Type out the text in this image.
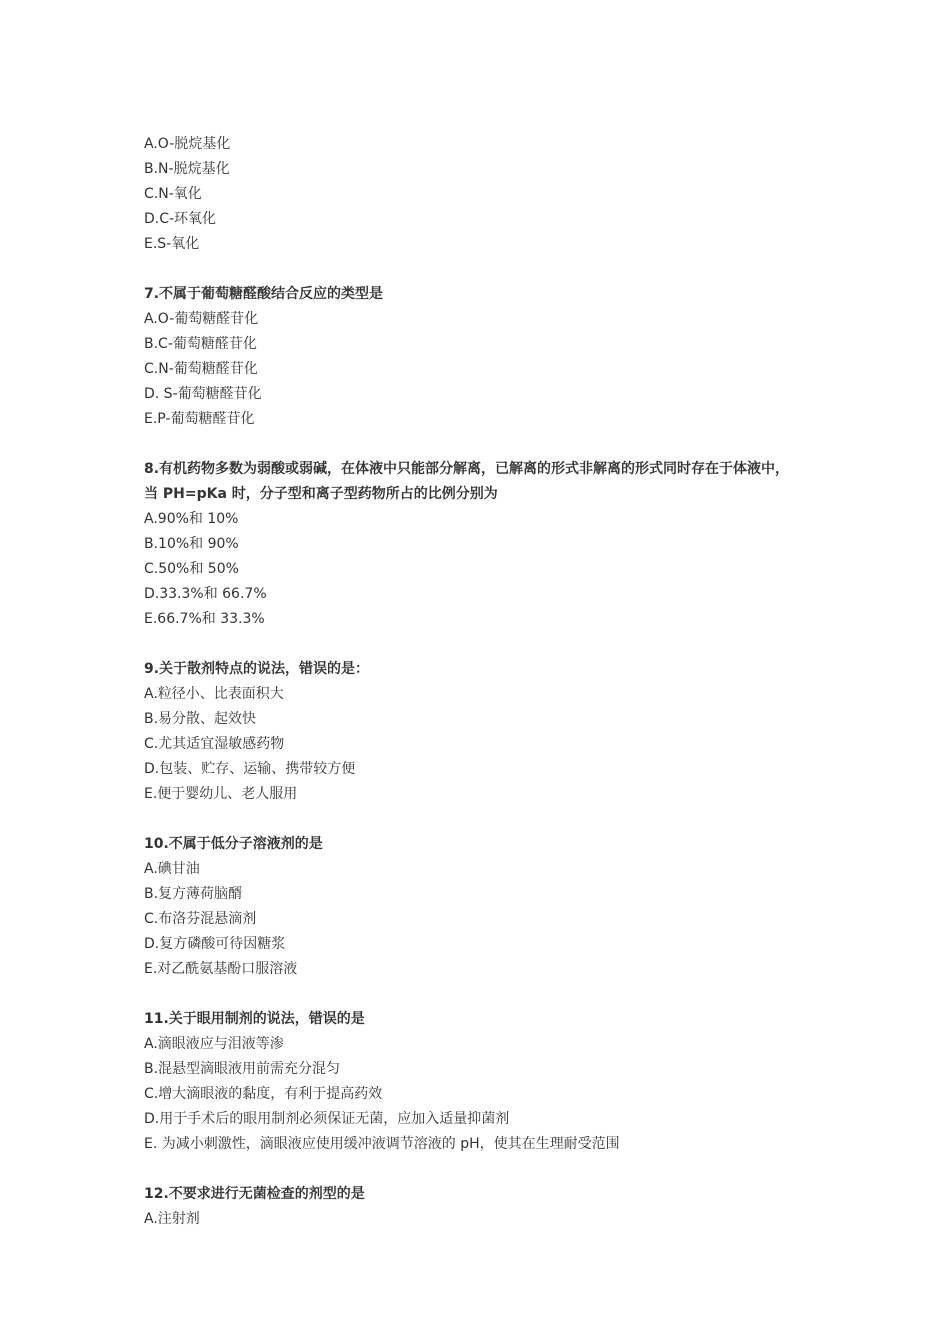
A.O-脱烷基化
B.N-脱烷基化
C.N-氧化
D.C-环氧化
E.S-氧化
7.不属于葡萄糖醛酸结合反应的类型是
A.O-葡萄糖醛苷化
B.C-葡萄糖醛苷化
C.N-葡萄糖醛苷化
D. S-葡萄糖醛苷化
E.P-葡萄糖醛苷化
8.有机药物多数为弱酸或弱碱，在体液中只能部分解离，已解离的形式非解离的形式同时存在于体液中，
当 PH=pKa 时，分子型和离子型药物所占的比例分别为
A.90%和 10%
B.10%和 90%
C.50%和 50%
D.33.3%和 66.7%
E.66.7%和 33.3%
9.关于散剂特点的说法，错误的是：
A.粒径小、比表面积大
B.易分散、起效快
C.尤其适宜湿敏感药物
D.包装、贮存、运输、携带较方便
E.便于婴幼儿、老人服用
10.不属于低分子溶液剂的是
A.碘甘油
B.复方薄荷脑醑
C.布洛芬混悬滴剂
D.复方磷酸可待因糖浆
E.对乙酰氨基酚口服溶液
11.关于眼用制剂的说法，错误的是
A.滴眼液应与泪液等渗
B.混悬型滴眼液用前需充分混匀
C.增大滴眼液的黏度，有利于提高药效
D.用于手术后的眼用制剂必须保证无菌，应加入适量抑菌剂
E. 为减小刺激性，滴眼液应使用缓冲液调节溶液的 pH，使其在生理耐受范围
12.不要求进行无菌检查的剂型的是
A.注射剂
